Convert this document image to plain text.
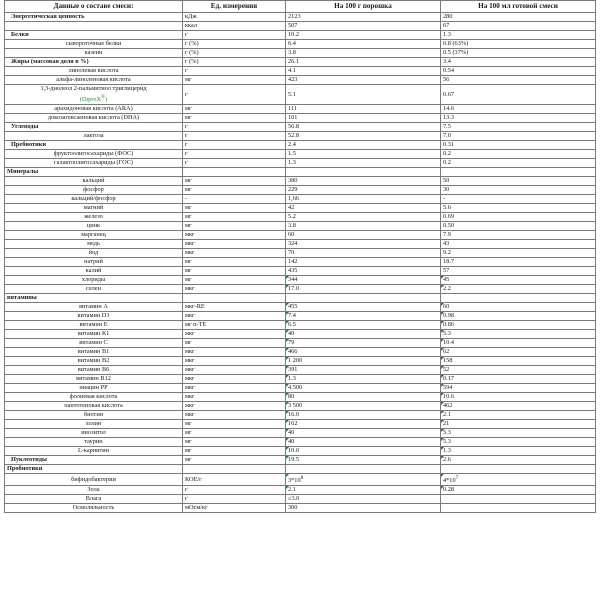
Данные о составе смеси:	Ед. измерения	На 100 г порошка	На 100 мл готовой смеси
Энергетическая ценность	кДж	2123	280
	ккал	507	67
Белки	г	10.2	1.3
сывороточные белки	г (%)	6.4	0.8 (63%)
казеин	г (%)	3.8	0.5 (37%)
Жиры (массовая доля в %)	г (%)	26.1	3.4
линолевая кислота	г	4.1	0.54
альфа-линоленовая кислота	мг	423	56
1,3-диолеол 2-пальмитиол триглицерид
(DiproX®)	г	5.1	0.67
арахидоновая кислота (ARA)	мг	111	14.6
докозагексаеновая кислота (DHA)	мг	101	13.3
Углеводы	г	56.8	7.5
лактоза	г	52.8	7.0
Пребиотики	г	2.4	0.31
фруктоолигосахариды (ФОС)	г	1.5	0.2
галактоолигосахариды (ГОС)	г	1.3	0.2
Минералы			
кальций	мг	380	50
фосфор	мг	229	30
кальций/фосфор	-	1,66	-
магний	мг	42	5.6
железо	мг	5.2	0.69
цинк	мг	3.8	0.50
марганец	мкг	60	7.9
медь	мкг	324	43
йод	мкг	70	9.2
натрий	мг	142	18.7
калий	мг	435	57
хлориды	мг	344	45
селен	мкг	17.0	2.2
витамины			
витамин А	мкг-RE	455	60
витамин D3	мкг	7.4	0.98
витамин Е	мг α-TE	6.5	0.86
витамин К1	мкг	40	5.3
витамин С	мг	79	10.4
витамин В1	мкг	466	62
витамин В2	мкг	1 200	158
витамин В6	мкг	391	52
витамин В12	мкг	1.3	0.17
ниацин РР	мкг	4 500	594
фолиевая кислота	мкг	80	10.6
пантотеновая кислота	мкг	3 500	462
биотин	мкг	16.0	2.1
холин	мг	162	21
инозитол	мг	40	5.3
таурин	мг	40	5.3
L-карнитин	мг	10.0	1.3
Нуклеотиды	мг	19.5	2.6
Пробиотики			
бифидобактерии	КОЕ/г	$3*10^8$	$4*10^7$
Зола	г	2.1	0.28
Влага	г	≤3.0	
Осмоляльность	мОсм/кг	300	
